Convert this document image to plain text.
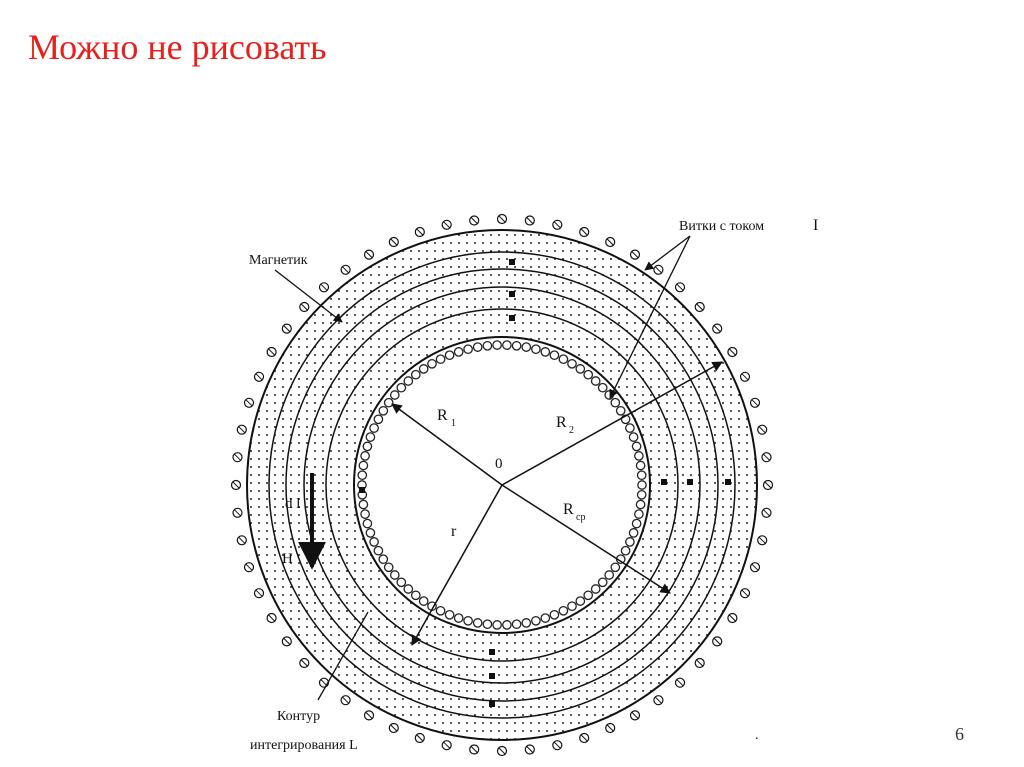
Магнетик
Витки с током	I
0
R 1	R 2
R ср
r
d l
H
Контур
интегрирования L
.	6
